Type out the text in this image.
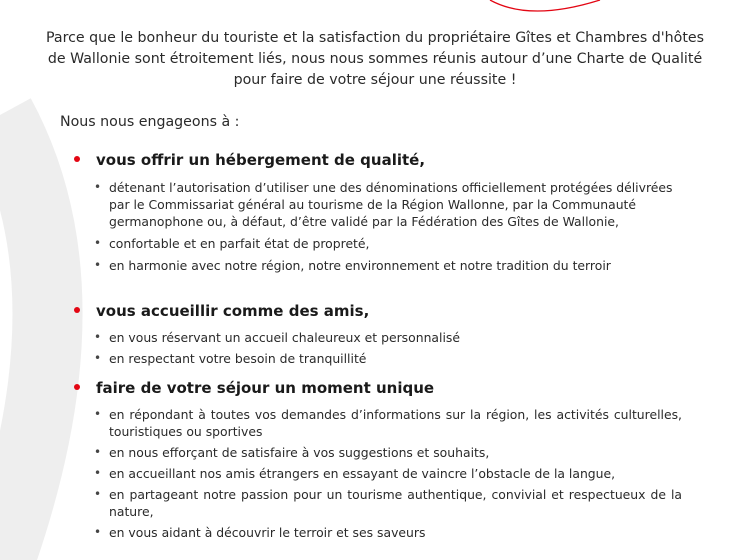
Parce que le bonheur du touriste et la satisfaction du propriétaire Gîtes et Chambres d'hôtes de Wallonie sont étroitement liés, nous nous sommes réunis autour d’une Charte de Qualité pour faire de votre séjour une réussite !

Nous nous engageons à :

vous offrir un hébergement de qualité,
• détenant l’autorisation d’utiliser une des dénominations officiellement protégées délivrées par le Commissariat général au tourisme de la Région Wallonne, par la Communauté germanophone ou, à défaut, d’être validé par la Fédération des Gîtes de Wallonie,
• confortable et en parfait état de propreté,
• en harmonie avec notre région, notre environnement et notre tradition du terroir
vous accueillir comme des amis,
• en vous réservant un accueil chaleureux et personnalisé
• en respectant votre besoin de tranquillité
faire de votre séjour un moment unique
• en répondant à toutes vos demandes d’informations sur la région, les activités culturelles, touristiques ou sportives
• en nous efforçant de satisfaire à vos suggestions et souhaits,
• en accueillant nos amis étrangers en essayant de vaincre l’obstacle de la langue,
• en partageant notre passion pour un tourisme authentique, convivial et respectueux de la nature,
• en vous aidant à découvrir le terroir et ses saveurs
